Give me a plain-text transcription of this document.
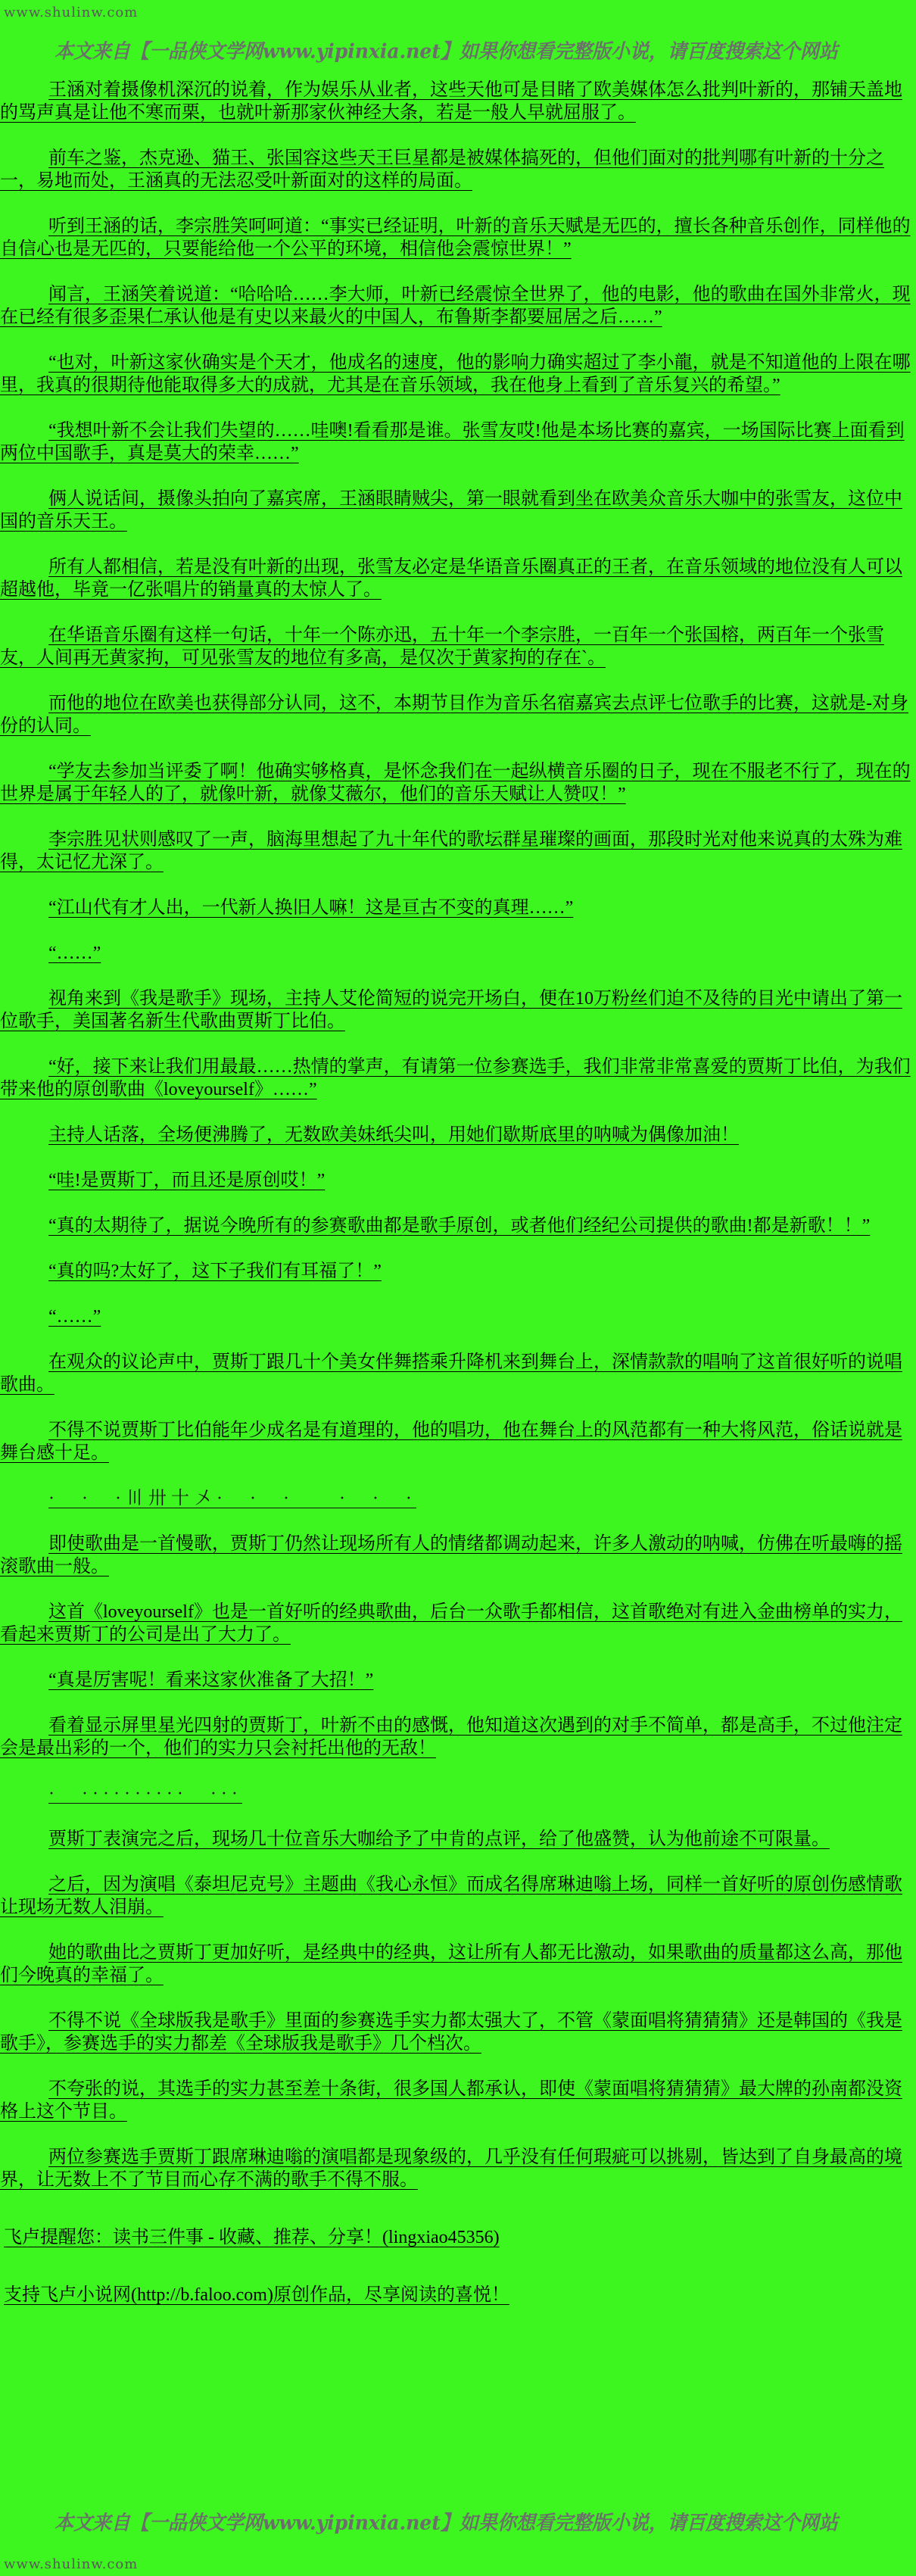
www.shulinw.com
本文来自【一品侠文学网www.yipinxia.net】如果你想看完整版小说，请百度搜索这个网站

王涵对着摄像机深沉的说着，作为娱乐从业者，这些天他可是目睹了欧美媒体怎么批判叶新的，那铺天盖地的骂声真是让他不寒而栗，也就叶新那家伙神经大条，若是一般人早就屈服了。

前车之鉴，杰克逊、猫王、张国容这些天王巨星都是被媒体搞死的，但他们面对的批判哪有叶新的十分之一，易地而处，王涵真的无法忍受叶新面对的这样的局面。

听到王涵的话，李宗胜笑呵呵道：“事实已经证明，叶新的音乐天赋是无匹的，擅长各种音乐创作，同样他的自信心也是无匹的，只要能给他一个公平的环境，相信他会震惊世界！”

闻言，王涵笑着说道：“哈哈哈……李大师，叶新已经震惊全世界了，他的电影，他的歌曲在国外非常火，现在已经有很多歪果仁承认他是有史以来最火的中国人，布鲁斯李都要屈居之后……”

“也对，叶新这家伙确实是个天才，他成名的速度，他的影响力确实超过了李小龍，就是不知道他的上限在哪里，我真的很期待他能取得多大的成就，尤其是在音乐领域，我在他身上看到了音乐复兴的希望。”

“我想叶新不会让我们失望的……哇噢!看看那是谁。张雪友哎!他是本场比赛的嘉宾，一场国际比赛上面看到两位中国歌手，真是莫大的荣幸……”

俩人说话间，摄像头拍向了嘉宾席，王涵眼睛贼尖，第一眼就看到坐在欧美众音乐大咖中的张雪友，这位中国的音乐天王。

所有人都相信，若是没有叶新的出现，张雪友必定是华语音乐圈真正的王者，在音乐领域的地位没有人可以超越他，毕竟一亿张唱片的销量真的太惊人了。

在华语音乐圈有这样一句话，十年一个陈亦迅，五十年一个李宗胜，一百年一个张国榕，两百年一个张雪友，人间再无黄家拘，可见张雪友的地位有多高，是仅次于黄家拘的存在`。

而他的地位在欧美也获得部分认同，这不，本期节目作为音乐名宿嘉宾去点评七位歌手的比赛，这就是-对身份的认同。

“学友去参加当评委了啊！他确实够格真，是怀念我们在一起纵横音乐圈的日子，现在不服老不行了，现在的世界是属于年轻人的了，就像叶新，就像艾薇尔，他们的音乐天赋让人赞叹！”

李宗胜见状则感叹了一声，脑海里想起了九十年代的歌坛群星璀璨的画面，那段时光对他来说真的太殊为难得，太记忆尤深了。

“江山代有才人出，一代新人换旧人嘛！这是亘古不变的真理……”

“……”

视角来到《我是歌手》现场，主持人艾伦简短的说完开场白，便在10万粉丝们迫不及待的目光中请出了第一位歌手，美国著名新生代歌曲贾斯丁比伯。

“好，接下来让我们用最最……热情的掌声，有请第一位参赛选手，我们非常非常喜爱的贾斯丁比伯，为我们带来他的原创歌曲《loveyourself》……”

主持人话落，全场便沸腾了，无数欧美妹纸尖叫，用她们歇斯底里的呐喊为偶像加油！

“哇!是贾斯丁，而且还是原创哎！”

“真的太期待了，据说今晚所有的参赛歌曲都是歌手原创，或者他们经纪公司提供的歌曲!都是新歌！！”

“真的吗?太好了，这下子我们有耳福了！”

“……”

在观众的议论声中，贾斯丁跟几十个美女伴舞搭乘升降机来到舞台上，深情款款的唱响了这首很好听的说唱歌曲。

不得不说贾斯丁比伯能年少成名是有道理的，他的唱功，他在舞台上的风范都有一种大将风范，俗话说就是舞台感十足。

·　·　·〣卅十〤·　·　·　　·　·　·

即使歌曲是一首慢歌，贾斯丁仍然让现场所有人的情绪都调动起来，许多人激动的呐喊，仿佛在听最嗨的摇滚歌曲一般。

这首《loveyourself》也是一首好听的经典歌曲，后台一众歌手都相信，这首歌绝对有进入金曲榜单的实力，看起来贾斯丁的公司是出了大力了。

“真是厉害呢！看来这家伙准备了大招！”

看着显示屏里星光四射的贾斯丁，叶新不由的感慨，他知道这次遇到的对手不简单，都是高手，不过他注定会是最出彩的一个，他们的实力只会衬托出他的无敌！

·　··········　···

贾斯丁表演完之后，现场几十位音乐大咖给予了中肯的点评，给了他盛赞，认为他前途不可限量。

之后，因为演唱《泰坦尼克号》主题曲《我心永恒》而成名得席琳迪嗡上场，同样一首好听的原创伤感情歌让现场无数人泪崩。

她的歌曲比之贾斯丁更加好听，是经典中的经典，这让所有人都无比激动，如果歌曲的质量都这么高，那他们今晚真的幸福了。

不得不说《全球版我是歌手》里面的参赛选手实力都太强大了，不管《蒙面唱将猜猜猜》还是韩国的《我是歌手》，参赛选手的实力都差《全球版我是歌手》几个档次。

不夸张的说，其选手的实力甚至差十条街，很多国人都承认，即使《蒙面唱将猜猜猜》最大牌的孙南都没资格上这个节目。

两位参赛选手贾斯丁跟席琳迪嗡的演唱都是现象级的，几乎没有任何瑕疵可以挑剔，皆达到了自身最高的境界，让无数上不了节目而心存不满的歌手不得不服。

飞卢提醒您：读书三件事 - 收藏、推荐、分享！(lingxiao45356)

支持飞卢小说网(http://b.faloo.com)原创作品，尽享阅读的喜悦！

本文来自【一品侠文学网www.yipinxia.net】如果你想看完整版小说，请百度搜索这个网站
www.shulinw.com
